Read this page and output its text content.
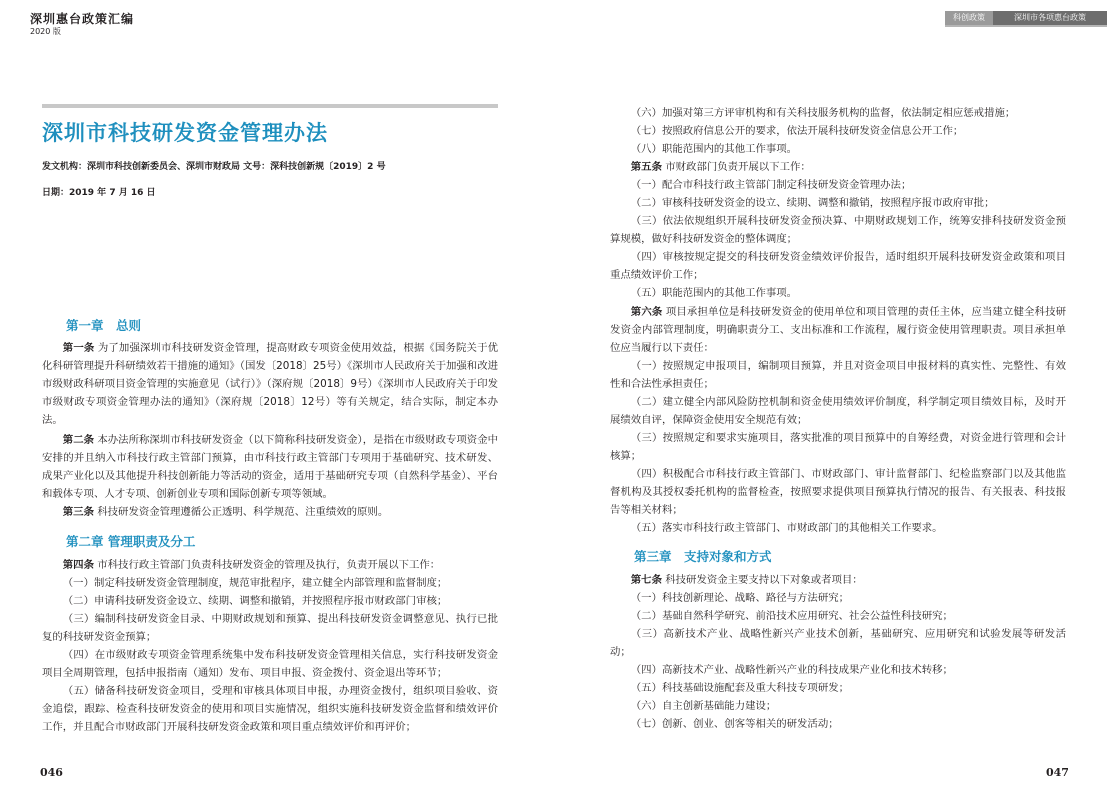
深圳惠台政策汇编
2020 版
科创政策	深圳市各项惠台政策
深圳市科技研发资金管理办法
发文机构：深圳市科技创新委员会、深圳市财政局 文号：深科技创新规〔2019〕2 号
日期：2019 年 7 月 16 日
第一章　总则
第一条 为了加强深圳市科技研发资金管理，提高财政专项资金使用效益，根据《国务院关于优化科研管理提升科研绩效若干措施的通知》（国发〔2018〕25号）《深圳市人民政府关于加强和改进市级财政科研项目资金管理的实施意见（试行）》（深府规〔2018〕9号）《深圳市人民政府关于印发市级财政专项资金管理办法的通知》（深府规〔2018〕12号）等有关规定，结合实际，制定本办法。
第二条 本办法所称深圳市科技研发资金（以下简称科技研发资金），是指在市级财政专项资金中安排的并且纳入市科技行政主管部门预算，由市科技行政主管部门专项用于基础研究、技术研发、成果产业化以及其他提升科技创新能力等活动的资金，适用于基础研究专项（自然科学基金）、平台和载体专项、人才专项、创新创业专项和国际创新专项等领域。
第三条 科技研发资金管理遵循公正透明、科学规范、注重绩效的原则。
第二章 管理职责及分工
第四条 市科技行政主管部门负责科技研发资金的管理及执行，负责开展以下工作：
（一）制定科技研发资金管理制度，规范审批程序，建立健全内部管理和监督制度；
（二）申请科技研发资金设立、续期、调整和撤销，并按照程序报市财政部门审核；
（三）编制科技研发资金目录、中期财政规划和预算、提出科技研发资金调整意见、执行已批复的科技研发资金预算；
（四）在市级财政专项资金管理系统集中发布科技研发资金管理相关信息，实行科技研发资金项目全周期管理，包括申报指南（通知）发布、项目申报、资金拨付、资金退出等环节；
（五）储备科技研发资金项目，受理和审核具体项目申报，办理资金拨付，组织项目验收、资金追偿，跟踪、检查科技研发资金的使用和项目实施情况，组织实施科技研发资金监督和绩效评价工作，并且配合市财政部门开展科技研发资金政策和项目重点绩效评价和再评价；
（六）加强对第三方评审机构和有关科技服务机构的监督，依法制定相应惩戒措施；
（七）按照政府信息公开的要求，依法开展科技研发资金信息公开工作；
（八）职能范围内的其他工作事项。
第五条 市财政部门负责开展以下工作：
（一）配合市科技行政主管部门制定科技研发资金管理办法；
（二）审核科技研发资金的设立、续期、调整和撤销，按照程序报市政府审批；
（三）依法依规组织开展科技研发资金预决算、中期财政规划工作，统筹安排科技研发资金预算规模，做好科技研发资金的整体调度；
（四）审核按规定提交的科技研发资金绩效评价报告，适时组织开展科技研发资金政策和项目重点绩效评价工作；
（五）职能范围内的其他工作事项。
第六条 项目承担单位是科技研发资金的使用单位和项目管理的责任主体，应当建立健全科技研发资金内部管理制度，明确职责分工、支出标准和工作流程，履行资金使用管理职责。项目承担单位应当履行以下责任：
（一）按照规定申报项目，编制项目预算，并且对资金项目申报材料的真实性、完整性、有效性和合法性承担责任；
（二）建立健全内部风险防控机制和资金使用绩效评价制度，科学制定项目绩效目标，及时开展绩效自评，保障资金使用安全规范有效；
（三）按照规定和要求实施项目，落实批准的项目预算中的自筹经费，对资金进行管理和会计核算；
（四）积极配合市科技行政主管部门、市财政部门、审计监督部门、纪检监察部门以及其他监督机构及其授权委托机构的监督检查，按照要求提供项目预算执行情况的报告、有关报表、科技报告等相关材料；
（五）落实市科技行政主管部门、市财政部门的其他相关工作要求。
第三章　支持对象和方式
第七条 科技研发资金主要支持以下对象或者项目：
（一）科技创新理论、战略、路径与方法研究；
（二）基础自然科学研究、前沿技术应用研究、社会公益性科技研究；
（三）高新技术产业、战略性新兴产业技术创新，基础研究、应用研究和试验发展等研发活动；
（四）高新技术产业、战略性新兴产业的科技成果产业化和技术转移；
（五）科技基础设施配套及重大科技专项研发；
（六）自主创新基础能力建设；
（七）创新、创业、创客等相关的研发活动；
046	047
